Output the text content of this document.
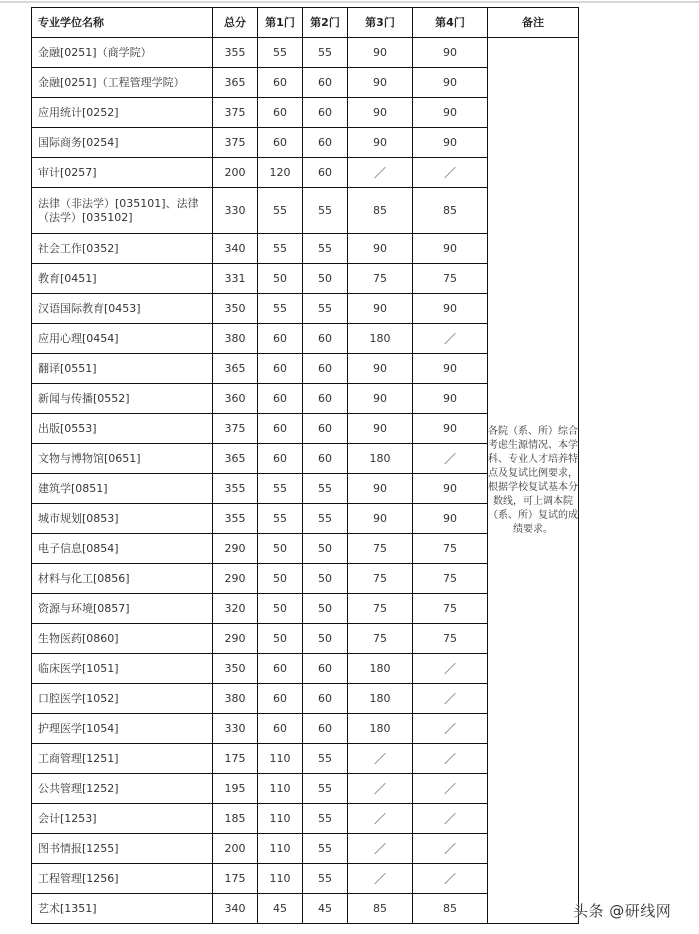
专业学位名称	总分	第1门	第2门	第3门	第4门	备注
金融[0251]（商学院）	355	55	55	90	90	各院（系、所）综合考虑生源情况、本学科、专业人才培养特点及复试比例要求，根据学校复试基本分数线，可上调本院（系、所）复试的成绩要求。
金融[0251]（工程管理学院）	365	60	60	90	90	
应用统计[0252]	375	60	60	90	90	
国际商务[0254]	375	60	60	90	90	
审计[0257]	200	120	60	／	／	
法律（非法学）[035101]、法律（法学）[035102]	330	55	55	85	85	
社会工作[0352]	340	55	55	90	90	
教育[0451]	331	50	50	75	75	
汉语国际教育[0453]	350	55	55	90	90	
应用心理[0454]	380	60	60	180	／	
翻译[0551]	365	60	60	90	90	
新闻与传播[0552]	360	60	60	90	90	
出版[0553]	375	60	60	90	90	
文物与博物馆[0651]	365	60	60	180	／	
建筑学[0851]	355	55	55	90	90	
城市规划[0853]	355	55	55	90	90	
电子信息[0854]	290	50	50	75	75	
材料与化工[0856]	290	50	50	75	75	
资源与环境[0857]	320	50	50	75	75	
生物医药[0860]	290	50	50	75	75	
临床医学[1051]	350	60	60	180	／	
口腔医学[1052]	380	60	60	180	／	
护理医学[1054]	330	60	60	180	／	
工商管理[1251]	175	110	55	／	／	
公共管理[1252]	195	110	55	／	／	
会计[1253]	185	110	55	／	／	
图书情报[1255]	200	110	55	／	／	
工程管理[1256]	175	110	55	／	／	
艺术[1351]	340	45	45	85	85		头条 @研线网
